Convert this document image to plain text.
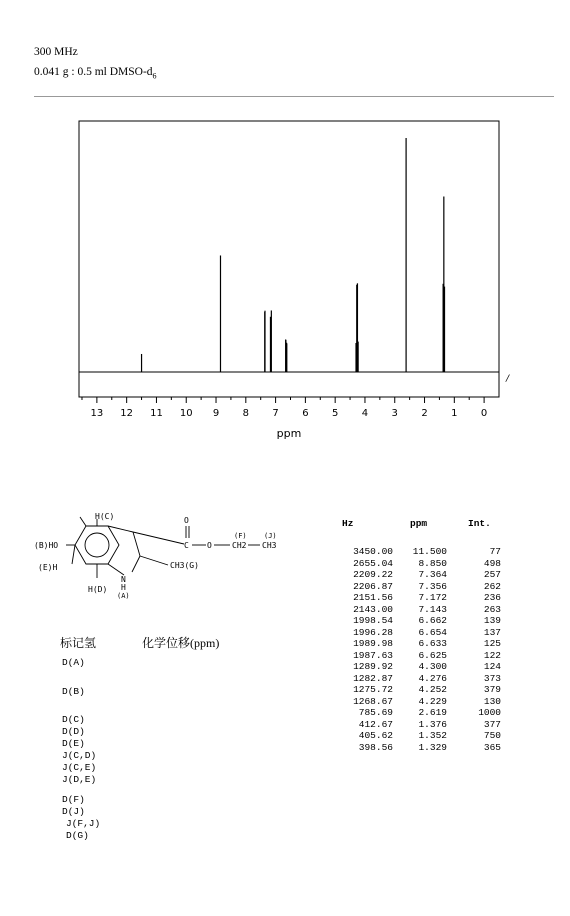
300 MHz
0.041 g : 0.5 ml DMSO-$d_6$
13 12 11 10 9 8 7 6 5 4 3 2 1 0
ppm
/
H(C)
(B)HO
(E)H
H(D)
N
H
(A)
CH3(G)
C
O
O	CH2 CH3
(F) (J)
标记氢	化学位移(ppm)
D(A)
D(B)
D(C)
D(D)
D(E)
J(C,D)
J(C,E)
J(D,E)
D(F)
D(J)
J(F,J)
D(G)
Hz	ppm	Int.
3450.00	11.500	77
2655.04	8.850	498
2209.22	7.364	257
2206.87	7.356	262
2151.56	7.172	236
2143.00	7.143	263
1998.54	6.662	139
1996.28	6.654	137
1989.98	6.633	125
1987.63	6.625	122
1289.92	4.300	124
1282.87	4.276	373
1275.72	4.252	379
1268.67	4.229	130
785.69	2.619	1000
412.67	1.376	377
405.62	1.352	750
398.56	1.329	365
